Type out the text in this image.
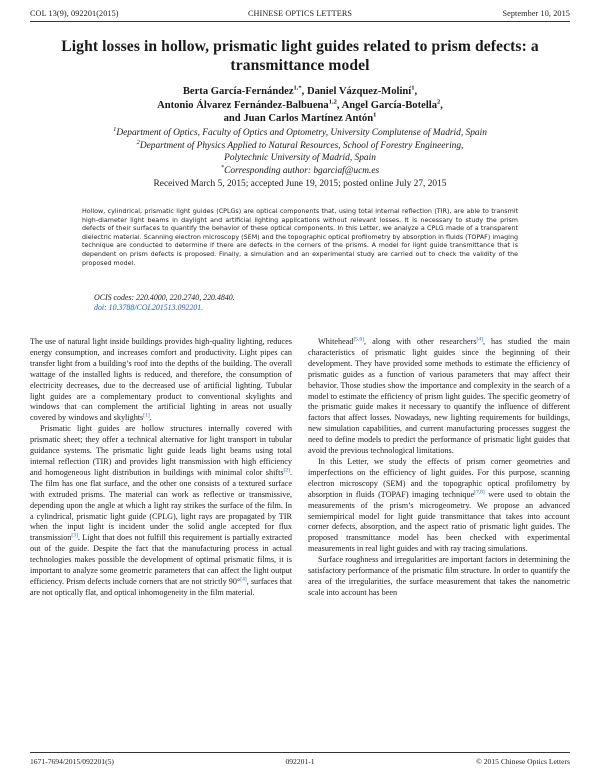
COL 13(9), 092201(2015)	CHINESE OPTICS LETTERS	September 10, 2015
Light losses in hollow, prismatic light guides related to prism defects: a transmittance model
Berta García-Fernández$^{1,*}$, Daniel Vázquez-Moliní$^1$,
Antonio Álvarez Fernández-Balbuena$^{1,2}$, Angel García-Botella$^2$,
and Juan Carlos Martínez Antón$^1$
$^1$Department of Optics, Faculty of Optics and Optometry, University Complutense of Madrid, Spain
$^2$Department of Physics Applied to Natural Resources, School of Forestry Engineering,
Polytechnic University of Madrid, Spain
*Corresponding author: bgarciaf@ucm.es
Received March 5, 2015; accepted June 19, 2015; posted online July 27, 2015
Hollow, cylindrical, prismatic light guides (CPLGs) are optical components that, using total internal reflection (TIR), are able to transmit high-diameter light beams in daylight and artificial lighting applications without relevant losses. It is necessary to study the prism defects of their surfaces to quantify the behavior of these optical components. In this Letter, we analyze a CPLG made of a transparent dielectric material. Scanning electron microscopy (SEM) and the topographic optical profilometry by absorption in fluids (TOPAF) imaging technique are conducted to determine if there are defects in the corners of the prisms. A model for light guide transmittance that is dependent on prism defects is proposed. Finally, a simulation and an experimental study are carried out to check the validity of the proposed model.
OCIS codes: 220.4000, 220.2740, 220.4840.
doi: 10.3788/COL201513.092201.

The use of natural light inside buildings provides high-quality lighting, reduces energy consumption, and increases comfort and productivity. Light pipes can transfer light from a building’s roof into the depths of the building. The overall wattage of the installed lights is reduced, and therefore, the consumption of electricity decreases, due to the decreased use of artificial lighting. Tubular light guides are a complementary product to conventional skylights and windows that can complement the artificial lighting in areas not usually covered by windows and skylights[1].

Prismatic light guides are hollow structures internally covered with prismatic sheet; they offer a technical alternative for light transport in tubular guidance systems. The prismatic light guide leads light beams using total internal reflection (TIR) and provides light transmission with high efficiency and homogeneous light distribution in buildings with minimal color shifts[2]. The film has one flat surface, and the other one consists of a textured surface with extruded prisms. The material can work as reflective or transmissive, depending upon the angle at which a light ray strikes the surface of the film. In a cylindrical, prismatic light guide (CPLG), light rays are propagated by TIR when the input light is incident under the solid angle accepted for flux transmission[3]. Light that does not fulfill this requirement is partially extracted out of the guide. Despite the fact that the manufacturing process in actual technologies makes possible the development of optimal prismatic films, it is important to analyze some geometric parameters that can affect the light output efficiency. Prism defects include corners that are not strictly 90°[4], surfaces that are not optically flat, and optical inhomogeneity in the film material.

Whitehead[5,6], along with other researchers[4], has studied the main characteristics of prismatic light guides since the beginning of their development. They have provided some methods to estimate the efficiency of prismatic guides as a function of various parameters that may affect their behavior. Those studies show the importance and complexity in the search of a model to estimate the efficiency of prism light guides. The specific geometry of the prismatic guide makes it necessary to quantify the influence of different factors that affect losses. Nowadays, new lighting requirements for buildings, new simulation capabilities, and current manufacturing processes suggest the need to define models to predict the performance of prismatic light guides that avoid the previous technological limitations.

In this Letter, we study the effects of prism corner geometries and imperfections on the efficiency of light guides. For this purpose, scanning electron microscopy (SEM) and the topographic optical profilometry by absorption in fluids (TOPAF) imaging technique[7,8] were used to obtain the measurements of the prism’s microgeometry. We propose an advanced semiempirical model for light guide transmittance that takes into account corner defects, absorption, and the aspect ratio of prismatic light guides. The proposed transmittance model has been checked with experimental measurements in real light guides and with ray tracing simulations.

Surface roughness and irregularities are important factors in determining the satisfactory performance of the prismatic film structure. In order to quantify the area of the irregularities, the surface measurement that takes the nanometric scale into account has been

1671-7694/2015/092201(5)	092201-1	© 2015 Chinese Optics Letters
